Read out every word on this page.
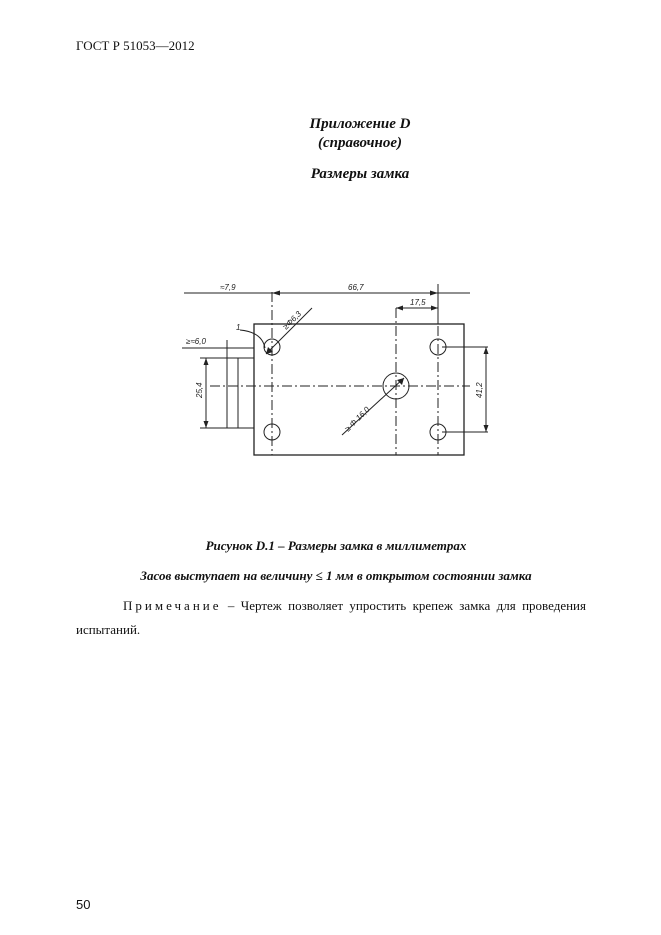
ГОСТ Р 51053—2012
Приложение D
(справочное)
Размеры замка
≈7,9	66,7
17,5
≥≈6,0
1
25,4	41,2
≥Φ6,3
≥ Φ 16,0
Рисунок D.1 – Размеры замка в миллиметрах
Засов выступает на величину ≤ 1 мм в открытом состоянии замка
Примечание – Чертеж позволяет упростить крепеж замка для проведения испытаний.
50
